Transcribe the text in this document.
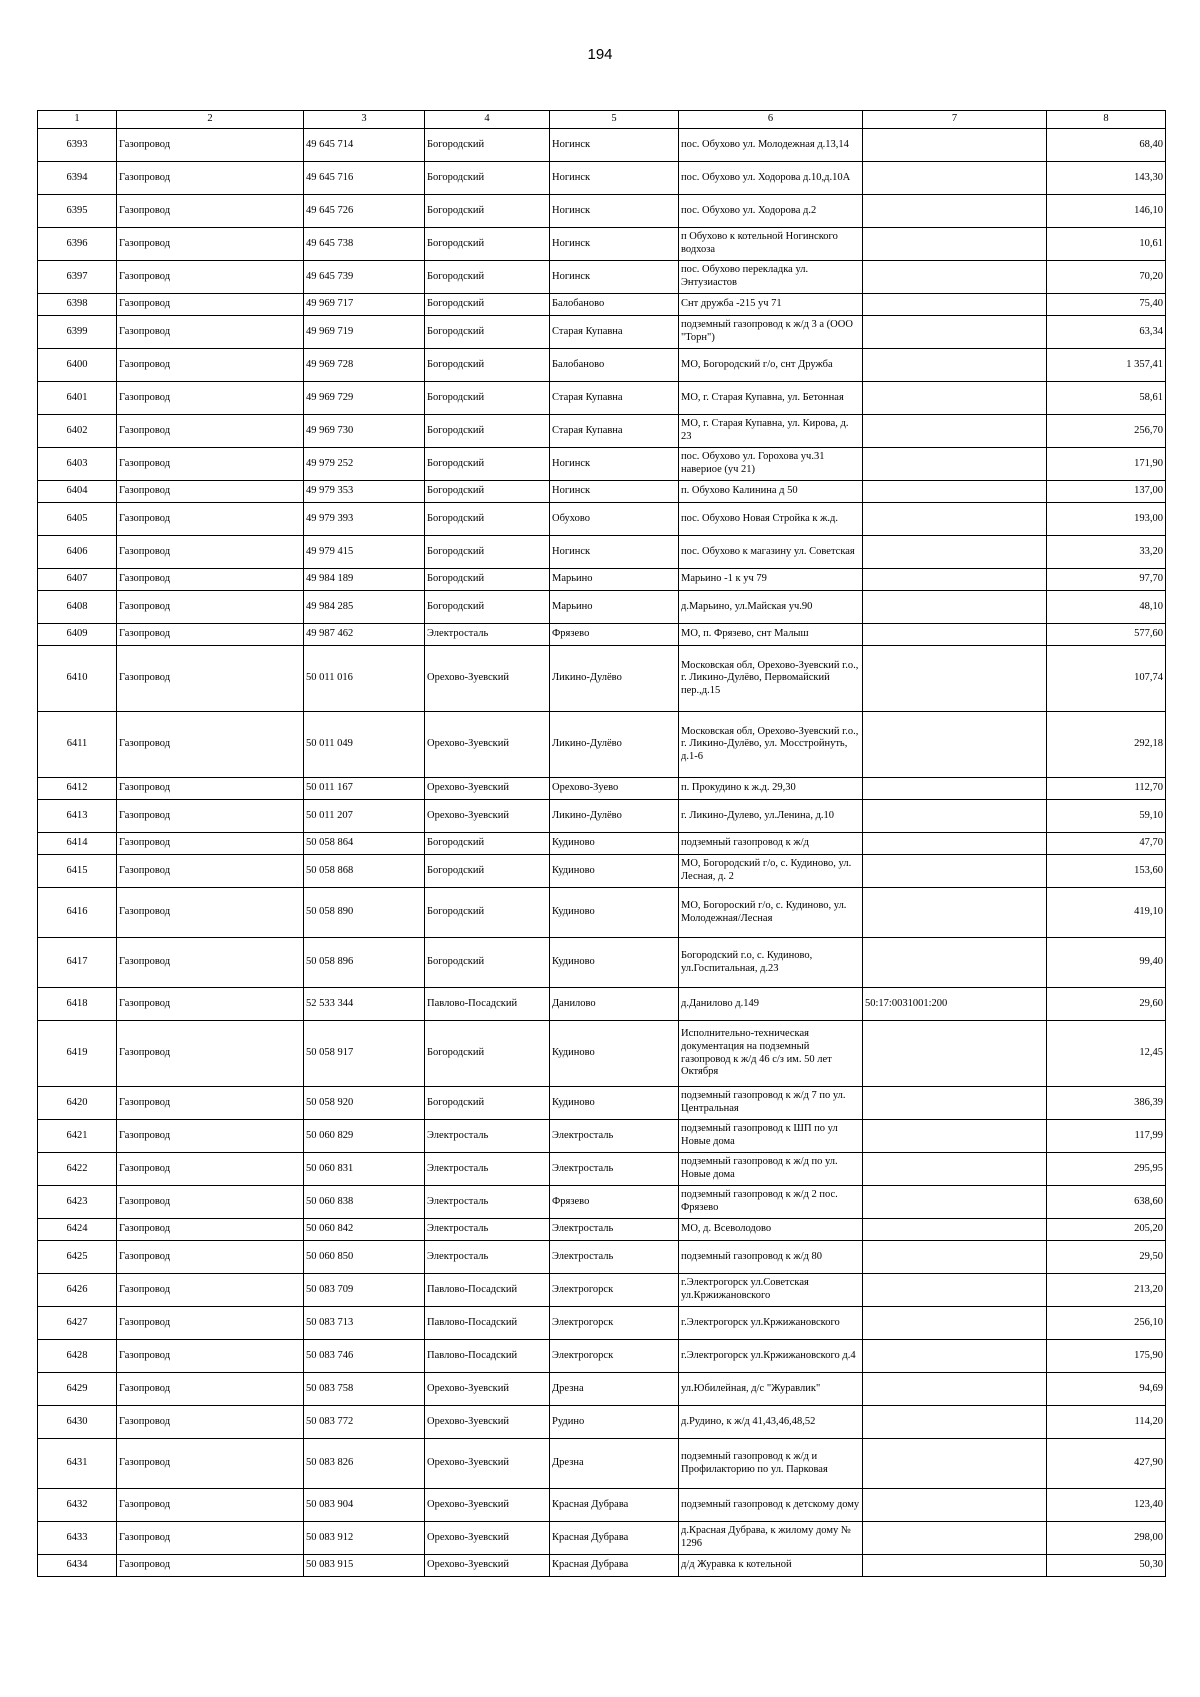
194
1	2	3	4	5	6	7	8
6393	Газопровод	49 645 714	Богородский	Ногинск	пос. Обухово ул. Молодежная д.13,14		68,40
6394	Газопровод	49 645 716	Богородский	Ногинск	пос. Обухово ул. Ходорова д.10,д.10А		143,30
6395	Газопровод	49 645 726	Богородский	Ногинск	пос. Обухово ул. Ходорова д.2		146,10
6396	Газопровод	49 645 738	Богородский	Ногинск	п Обухово к котельной Ногинского водхоза		10,61
6397	Газопровод	49 645 739	Богородский	Ногинск	пос. Обухово перекладка ул. Энтузиастов		70,20
6398	Газопровод	49 969 717	Богородский	Балобаново	Снт дружба -215 уч 71		75,40
6399	Газопровод	49 969 719	Богородский	Старая Купавна	подземный газопровод к ж/д 3 а (ООО "Торн")		63,34
6400	Газопровод	49 969 728	Богородский	Балобаново	МО, Богородский г/о, снт Дружба		1 357,41
6401	Газопровод	49 969 729	Богородский	Старая Купавна	МО, г. Старая Купавна, ул. Бетонная		58,61
6402	Газопровод	49 969 730	Богородский	Старая Купавна	МО, г. Старая Купавна, ул. Кирова, д. 23		256,70
6403	Газопровод	49 979 252	Богородский	Ногинск	пос. Обухово ул. Горохова уч.31 навериое (уч 21)		171,90
6404	Газопровод	49 979 353	Богородский	Ногинск	п. Обухово Калинина д 50		137,00
6405	Газопровод	49 979 393	Богородский	Обухово	пос. Обухово Новая Стройка к ж.д.		193,00
6406	Газопровод	49 979 415	Богородский	Ногинск	пос. Обухово к магазину ул. Советская		33,20
6407	Газопровод	49 984 189	Богородский	Марьино	Марьино -1 к уч 79		97,70
6408	Газопровод	49 984 285	Богородский	Марьино	д.Марьино, ул.Майская уч.90		48,10
6409	Газопровод	49 987 462	Электросталь	Фрязево	МО, п. Фрязево, снт Малыш		577,60
6410	Газопровод	50 011 016	Орехово-Зуевский	Ликино-Дулёво	Московская обл, Орехово-Зуевский г.о., г. Ликино-Дулёво, Первомайский пер.,д.15		107,74
6411	Газопровод	50 011 049	Орехово-Зуевский	Ликино-Дулёво	Московская обл, Орехово-Зуевский г.о., г. Ликино-Дулёво, ул. Мосстройнуть, д.1-6		292,18
6412	Газопровод	50 011 167	Орехово-Зуевский	Орехово-Зуево	п. Прокудино к ж.д. 29,30		112,70
6413	Газопровод	50 011 207	Орехово-Зуевский	Ликино-Дулёво	г. Ликино-Дулево, ул.Ленина, д.10		59,10
6414	Газопровод	50 058 864	Богородский	Кудиново	подземный газопровод к ж/д		47,70
6415	Газопровод	50 058 868	Богородский	Кудиново	МО, Богородский г/о, с. Кудиново, ул. Лесная, д. 2		153,60
6416	Газопровод	50 058 890	Богородский	Кудиново	МО, Богороский г/о, с. Кудиново, ул. Молодежная/Лесная		419,10
6417	Газопровод	50 058 896	Богородский	Кудиново	Богородский г.о, с. Кудиново, ул.Госпитальная, д.23		99,40
6418	Газопровод	52 533 344	Павлово-Посадский	Данилово	д.Данилово д.149	50:17:0031001:200	29,60
6419	Газопровод	50 058 917	Богородский	Кудиново	Исполнительно-техническая документация на подземный газопровод к ж/д 46 с/з им. 50 лет Октября		12,45
6420	Газопровод	50 058 920	Богородский	Кудиново	подземный газопровод к ж/д 7 по ул. Центральная		386,39
6421	Газопровод	50 060 829	Электросталь	Электросталь	подземный газопровод к ШП по ул Новые дома		117,99
6422	Газопровод	50 060 831	Электросталь	Электросталь	подземный газопровод к ж/д по ул. Новые дома		295,95
6423	Газопровод	50 060 838	Электросталь	Фрязево	подземный газопровод к ж/д 2 пос. Фрязево		638,60
6424	Газопровод	50 060 842	Электросталь	Электросталь	МО, д. Всеволодово		205,20
6425	Газопровод	50 060 850	Электросталь	Электросталь	подземный газопровод к ж/д 80		29,50
6426	Газопровод	50 083 709	Павлово-Посадский	Электрогорск	г.Электрогорск ул.Советская ул.Кржижановского		213,20
6427	Газопровод	50 083 713	Павлово-Посадский	Электрогорск	г.Электрогорск ул.Кржижановского		256,10
6428	Газопровод	50 083 746	Павлово-Посадский	Электрогорск	г.Электрогорск ул.Кржижановского д.4		175,90
6429	Газопровод	50 083 758	Орехово-Зуевский	Дрезна	ул.Юбилейная, д/с "Журавлик"		94,69
6430	Газопровод	50 083 772	Орехово-Зуевский	Рудино	д.Рудино, к ж/д 41,43,46,48,52		114,20
6431	Газопровод	50 083 826	Орехово-Зуевский	Дрезна	подземный газопровод к ж/д и Профилакторию по ул. Парковая		427,90
6432	Газопровод	50 083 904	Орехово-Зуевский	Красная Дубрава	подземный газопровод к детскому дому		123,40
6433	Газопровод	50 083 912	Орехово-Зуевский	Красная Дубрава	д.Красная Дубрава, к жилому дому № 1296		298,00
6434	Газопровод	50 083 915	Орехово-Зуевский	Красная Дубрава	д/д Журавка к котельной		50,30
